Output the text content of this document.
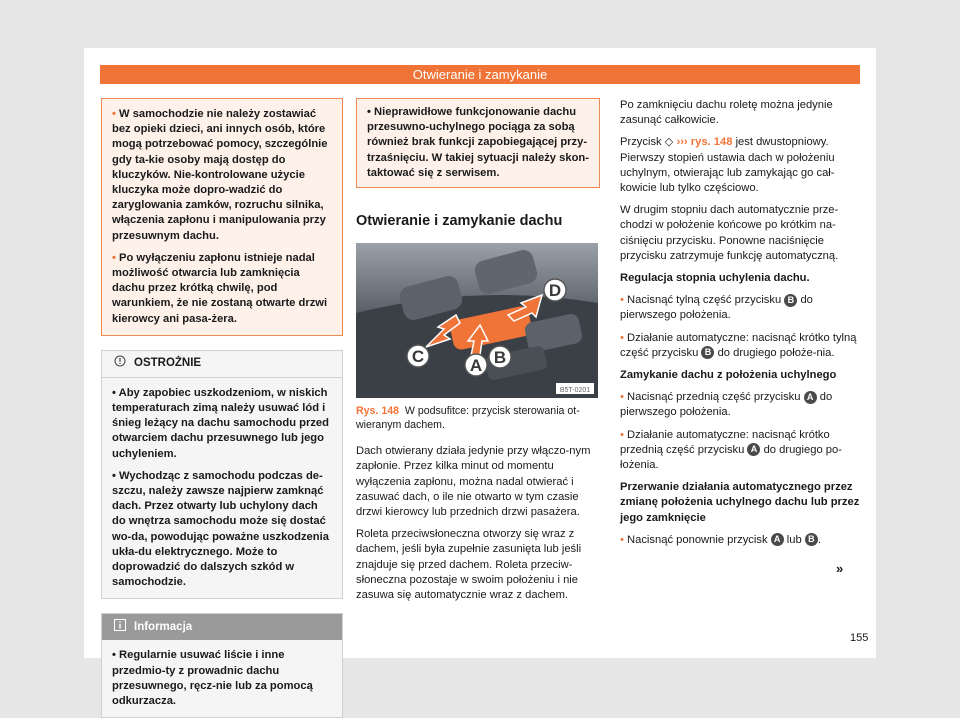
Otwieranie i zamykanie
• W samochodzie nie należy zostawiać bez opieki dzieci, ani innych osób, które mogą potrzebować pomocy, szczególnie gdy ta-kie osoby mają dostęp do kluczyków. Nie-kontrolowane użycie kluczyka może dopro-wadzić do zaryglowania zamków, rozruchu silnika, włączenia zapłonu i manipulowania przy przesuwnym dachu.
• Po wyłączeniu zapłonu istnieje nadal możliwość otwarcia lub zamknięcia dachu przez krótką chwilę, pod warunkiem, że nie zostaną otwarte drzwi kierowcy ani pasa-żera.
OSTROŻNIE
• Aby zapobiec uszkodzeniom, w niskich temperaturach zimą należy usuwać lód i śnieg leżący na dachu samochodu przed otwarciem dachu przesuwnego lub jego uchyleniem.
• Wychodząc z samochodu podczas de-szczu, należy zawsze najpierw zamknąć dach. Przez otwarty lub uchylony dach do wnętrza samochodu może się dostać wo-da, powodując poważne uszkodzenia ukła-du elektrycznego. Może to doprowadzić do dalszych szkód w samochodzie.
Informacja
• Regularnie usuwać liście i inne przedmio-ty z prowadnic dachu przesuwnego, ręcz-nie lub za pomocą odkurzacza.
• Nieprawidłowe funkcjonowanie dachu przesuwno-uchylnego pociąga za sobą również brak funkcji zapobiegającej przy-trzaśnięciu. W takiej sytuacji należy skon-taktować się z serwisem.
Otwieranie i zamykanie dachu
D
C	A B
B5T-0201
Rys. 148 W podsufitce: przycisk sterowania ot-wieranym dachem.

Dach otwierany działa jedynie przy włączo-nym zapłonie. Przez kilka minut od momentu wyłączenia zapłonu, można nadal otwierać i zasuwać dach, o ile nie otwarto w tym czasie drzwi kierowcy lub przednich drzwi pasażera.

Roleta przeciwsłoneczna otworzy się wraz z dachem, jeśli była zupełnie zasunięta lub jeśli znajduje się przed dachem. Roleta przeciw-słoneczna pozostaje w swoim położeniu i nie zasuwa się automatycznie wraz z dachem.

Po zamknięciu dachu roletę można jedynie zasunąć całkowicie.

Przycisk ◇ ››› rys. 148 jest dwustopniowy. Pierwszy stopień ustawia dach w położeniu uchylnym, otwierając lub zamykając go cał-kowicie lub tylko częściowo.

W drugim stopniu dach automatycznie prze-chodzi w położenie końcowe po krótkim na-ciśnięciu przycisku. Ponowne naciśnięcie przycisku zatrzymuje funkcję automatyczną.

Regulacja stopnia uchylenia dachu.

• Nacisnąć tylną część przycisku B do pierwszego położenia.

• Działanie automatyczne: nacisnąć krótko tylną część przycisku B do drugiego położe-nia.

Zamykanie dachu z położenia uchylnego

• Nacisnąć przednią część przycisku A do pierwszego położenia.

• Działanie automatyczne: nacisnąć krótko przednią część przycisku A do drugiego po-łożenia.

Przerwanie działania automatycznego przez zmianę położenia uchylnego dachu lub przez jego zamknięcie

• Nacisnąć ponownie przycisk A lub B .

»
155
